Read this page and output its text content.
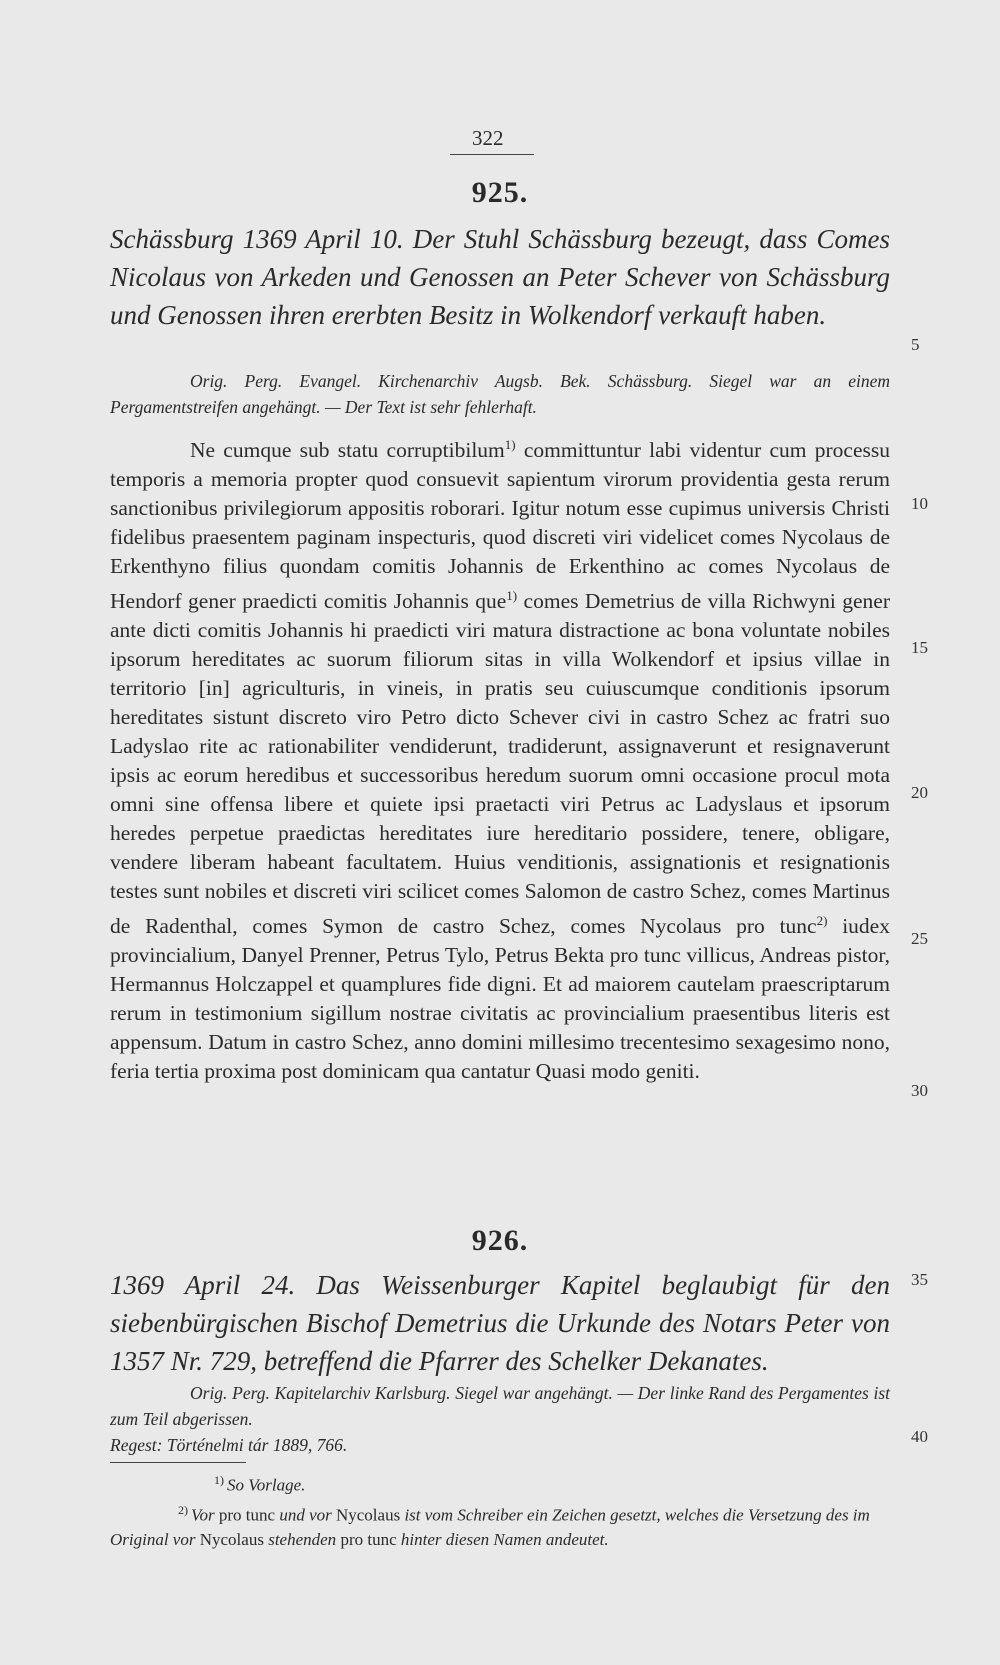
322
925.
Schässburg 1369 April 10. Der Stuhl Schässburg bezeugt, dass Comes Nicolaus von Arkeden und Genossen an Peter Schever von Schässburg und Genossen ihren ererbten Besitz in Wolkendorf verkauft haben.
Orig. Perg. Evangel. Kirchenarchiv Augsb. Bek. Schässburg. Siegel war an einem Pergamentstreifen angehängt. — Der Text ist sehr fehlerhaft.

Ne cumque sub statu corruptibilum$^{1)}$ committuntur labi videntur cum processu temporis a memoria propter quod consuevit sapientum virorum providentia gesta rerum sanctionibus privilegiorum appositis roborari. Igitur notum esse cupimus universis Christi fidelibus praesentem paginam inspecturis, quod discreti viri videlicet comes Nycolaus de Erkenthyno filius quondam comitis Johannis de Erkenthino ac comes Nycolaus de Hendorf gener praedicti comitis Johannis que$^{1)}$ comes Demetrius de villa Richwyni gener ante dicti comitis Johannis hi praedicti viri matura distractione ac bona voluntate nobiles ipsorum hereditates ac suorum filiorum sitas in villa Wolkendorf et ipsius villae in territorio [in] agriculturis, in vineis, in pratis seu cuiuscumque conditionis ipsorum hereditates sistunt discreto viro Petro dicto Schever civi in castro Schez ac fratri suo Ladyslao rite ac rationabiliter vendiderunt, tradiderunt, assignaverunt et resignaverunt ipsis ac eorum heredibus et successoribus heredum suorum omni occasione procul mota omni sine offensa libere et quiete ipsi praetacti viri Petrus ac Ladyslaus et ipsorum heredes perpetue praedictas hereditates iure hereditario possidere, tenere, obligare, vendere liberam habeant facultatem. Huius venditionis, assignationis et resignationis testes sunt nobiles et discreti viri scilicet comes Salomon de castro Schez, comes Martinus de Radenthal, comes Symon de castro Schez, comes Nycolaus pro tunc$^{2)}$ iudex provincialium, Danyel Prenner, Petrus Tylo, Petrus Bekta pro tunc villicus, Andreas pistor, Hermannus Holczappel et quamplures fide digni. Et ad maiorem cautelam praescriptarum rerum in testimonium sigillum nostrae civitatis ac provincialium praesentibus literis est appensum. Datum in castro Schez, anno domini millesimo trecentesimo sexagesimo nono, feria tertia proxima post dominicam qua cantatur Quasi modo geniti.

926.
1369 April 24. Das Weissenburger Kapitel beglaubigt für den siebenbürgischen Bischof Demetrius die Urkunde des Notars Peter von 1357 Nr. 729, betreffend die Pfarrer des Schelker Dekanates.
Orig. Perg. Kapitelarchiv Karlsburg. Siegel war angehängt. — Der linke Rand des Pergamentes ist zum Teil abgerissen.
Regest: Történelmi tár 1889, 766.
5
10
15
20
25
30
35
40

$^{1)}$ So Vorlage.

$^{2)}$ Vor pro tunc und vor Nycolaus ist vom Schreiber ein Zeichen gesetzt, welches die Versetzung des im Original vor Nycolaus stehenden pro tunc hinter diesen Namen andeutet.
